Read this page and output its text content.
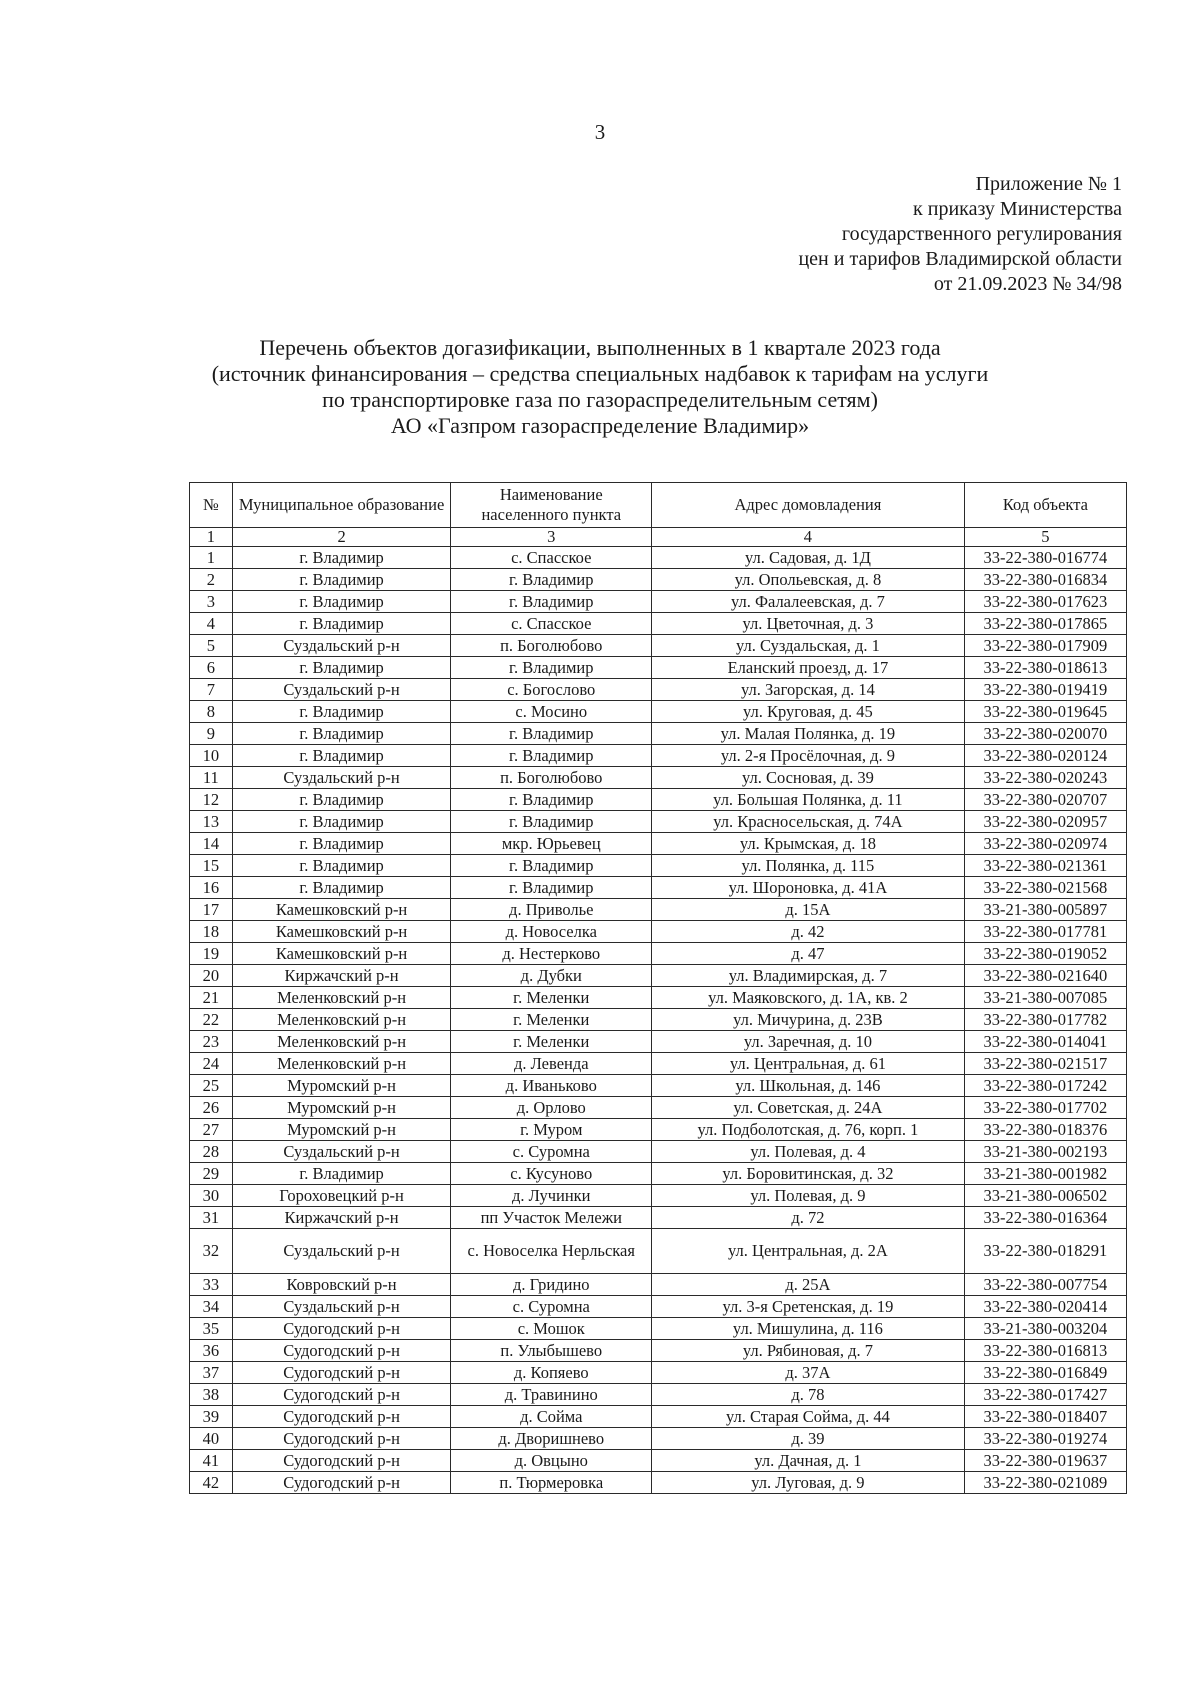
3
Приложение № 1
к приказу Министерства
государственного регулирования
цен и тарифов Владимирской области
от 21.09.2023 № 34/98
Перечень объектов догазификации, выполненных в 1 квартале 2023 года
(источник финансирования – средства специальных надбавок к тарифам на услуги
по транспортировке газа по газораспределительным сетям)
АО «Газпром газораспределение Владимир»
№	Муниципальное образование	Наименование населенного пункта	Адрес домовладения	Код объекта
1	2	3	4	5
1	г. Владимир	с. Спасское	ул. Садовая, д. 1Д	33-22-380-016774
2	г. Владимир	г. Владимир	ул. Опольевская, д. 8	33-22-380-016834
3	г. Владимир	г. Владимир	ул. Фалалеевская, д. 7	33-22-380-017623
4	г. Владимир	с. Спасское	ул. Цветочная, д. 3	33-22-380-017865
5	Суздальский р-н	п. Боголюбово	ул. Суздальская, д. 1	33-22-380-017909
6	г. Владимир	г. Владимир	Еланский проезд, д. 17	33-22-380-018613
7	Суздальский р-н	с. Богослово	ул. Загорская, д. 14	33-22-380-019419
8	г. Владимир	с. Мосино	ул. Круговая, д. 45	33-22-380-019645
9	г. Владимир	г. Владимир	ул. Малая Полянка, д. 19	33-22-380-020070
10	г. Владимир	г. Владимир	ул. 2-я Просёлочная, д. 9	33-22-380-020124
11	Суздальский р-н	п. Боголюбово	ул. Сосновая, д. 39	33-22-380-020243
12	г. Владимир	г. Владимир	ул. Большая Полянка, д. 11	33-22-380-020707
13	г. Владимир	г. Владимир	ул. Красносельская, д. 74А	33-22-380-020957
14	г. Владимир	мкр. Юрьевец	ул. Крымская, д. 18	33-22-380-020974
15	г. Владимир	г. Владимир	ул. Полянка, д. 115	33-22-380-021361
16	г. Владимир	г. Владимир	ул. Шороновка, д. 41А	33-22-380-021568
17	Камешковский р-н	д. Приволье	д. 15А	33-21-380-005897
18	Камешковский р-н	д. Новоселка	д. 42	33-22-380-017781
19	Камешковский р-н	д. Нестерково	д. 47	33-22-380-019052
20	Киржачский р-н	д. Дубки	ул. Владимирская, д. 7	33-22-380-021640
21	Меленковский р-н	г. Меленки	ул. Маяковского, д. 1А, кв. 2	33-21-380-007085
22	Меленковский р-н	г. Меленки	ул. Мичурина, д. 23В	33-22-380-017782
23	Меленковский р-н	г. Меленки	ул. Заречная, д. 10	33-22-380-014041
24	Меленковский р-н	д. Левенда	ул. Центральная, д. 61	33-22-380-021517
25	Муромский р-н	д. Иваньково	ул. Школьная, д. 146	33-22-380-017242
26	Муромский р-н	д. Орлово	ул. Советская, д. 24А	33-22-380-017702
27	Муромский р-н	г. Муром	ул. Подболотская, д. 76, корп. 1	33-22-380-018376
28	Суздальский р-н	с. Суромна	ул. Полевая, д. 4	33-21-380-002193
29	г. Владимир	с. Кусуново	ул. Боровитинская, д. 32	33-21-380-001982
30	Гороховецкий р-н	д. Лучинки	ул. Полевая, д. 9	33-21-380-006502
31	Киржачский р-н	пп Участок Мележи	д. 72	33-22-380-016364
32	Суздальский р-н	с. Новоселка Нерльская	ул. Центральная, д. 2А	33-22-380-018291
33	Ковровский р-н	д. Гридино	д. 25А	33-22-380-007754
34	Суздальский р-н	с. Суромна	ул. 3-я Сретенская, д. 19	33-22-380-020414
35	Судогодский р-н	с. Мошок	ул. Мишулина, д. 116	33-21-380-003204
36	Судогодский р-н	п. Улыбышево	ул. Рябиновая, д. 7	33-22-380-016813
37	Судогодский р-н	д. Копяево	д. 37А	33-22-380-016849
38	Судогодский р-н	д. Травинино	д. 78	33-22-380-017427
39	Судогодский р-н	д. Сойма	ул. Старая Сойма, д. 44	33-22-380-018407
40	Судогодский р-н	д. Дворишнево	д. 39	33-22-380-019274
41	Судогодский р-н	д. Овцыно	ул. Дачная, д. 1	33-22-380-019637
42	Судогодский р-н	п. Тюрмеровка	ул. Луговая, д. 9	33-22-380-021089
